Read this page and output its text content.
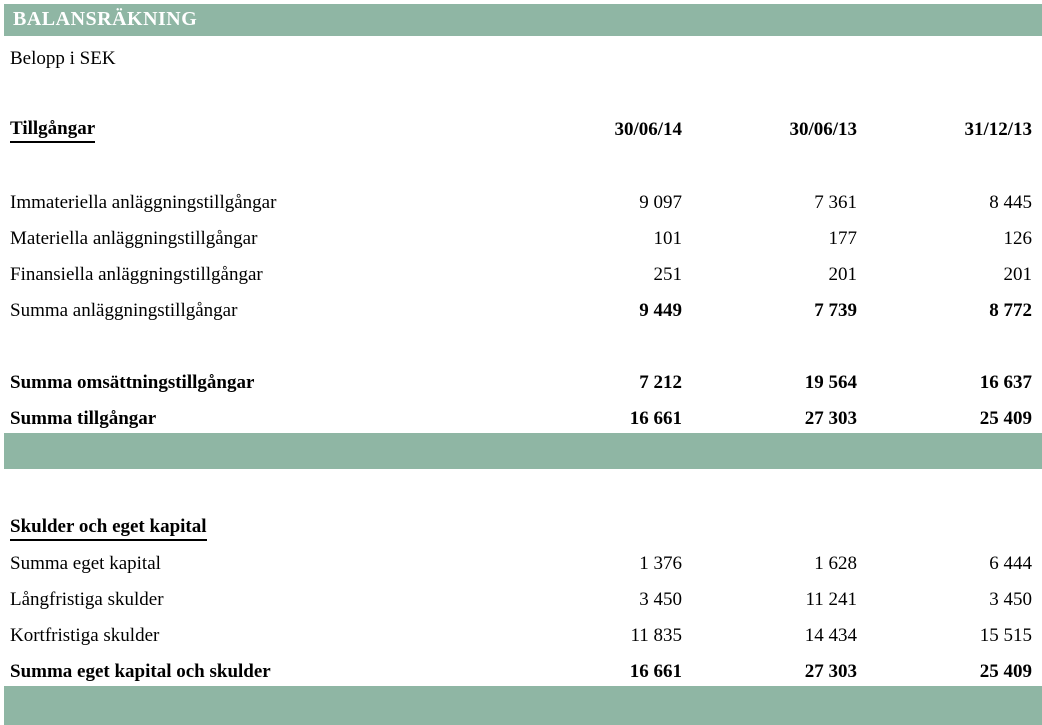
BALANSRÄKNING
Belopp i SEK
Tillgångar	30/06/14	30/06/13	31/12/13
Immateriella anläggningstillgångar	9 097	7 361	8 445
Materiella anläggningstillgångar	101	177	126
Finansiella anläggningstillgångar	251	201	201
Summa anläggningstillgångar	9 449	7 739	8 772
Summa omsättningstillgångar	7 212	19 564	16 637
Summa tillgångar	16 661	27 303	25 409
Skulder och eget kapital
Summa eget kapital	1 376	1 628	6 444
Långfristiga skulder	3 450	11 241	3 450
Kortfristiga skulder	11 835	14 434	15 515
Summa eget kapital och skulder	16 661	27 303	25 409
